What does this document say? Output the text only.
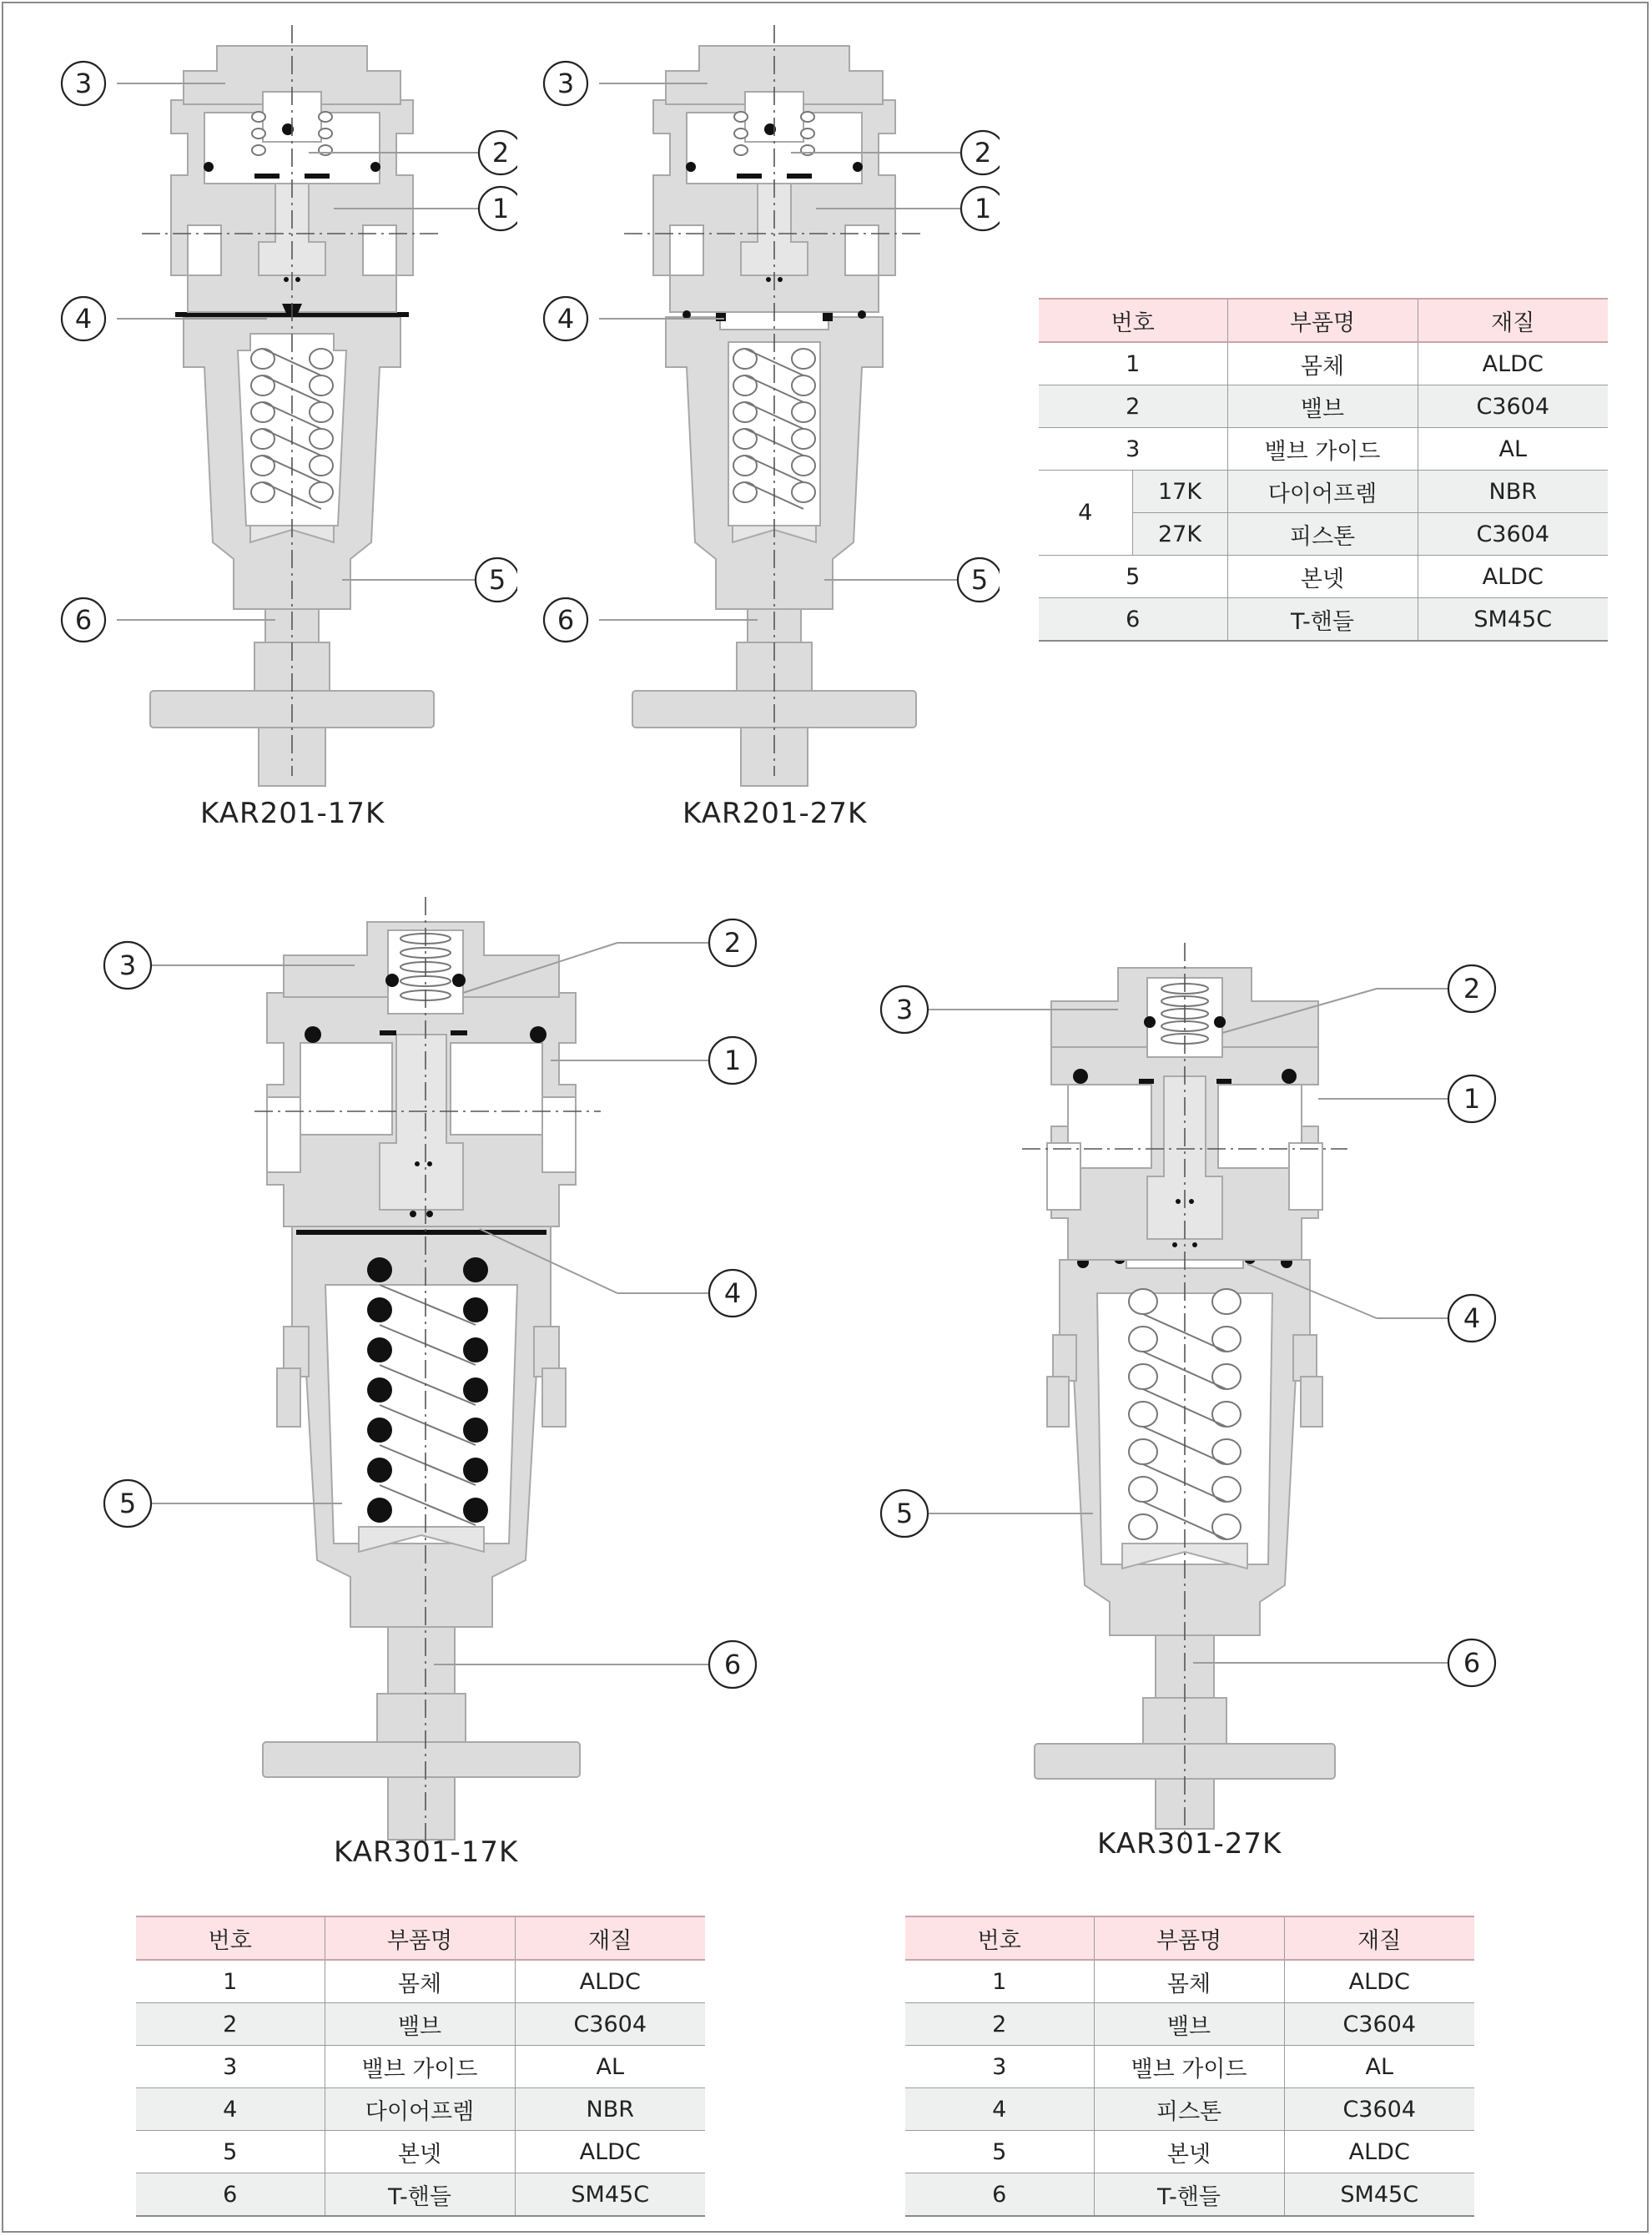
3
2
1
4
5
6
KAR201-17K
3
2
1
4
5
6
KAR201-27K
번호		부품명	재질
1		몸체	ALDC
2		밸브	C3604
3		밸브 가이드	AL
4	17K	다이어프렘	NBR
	27K	피스톤	C3604
5		본넷	ALDC
6		T-핸들	SM45C
3
2
1
4
5
6
KAR301-17K
3
2
1
4
5
6
KAR301-27K
번호	부품명	재질
1	몸체	ALDC
2	밸브	C3604
3	밸브 가이드	AL
4	다이어프렘	NBR
5	본넷	ALDC
6	T-핸들	SM45C
번호	부품명	재질
1	몸체	ALDC
2	밸브	C3604
3	밸브 가이드	AL
4	피스톤	C3604
5	본넷	ALDC
6	T-핸들	SM45C
